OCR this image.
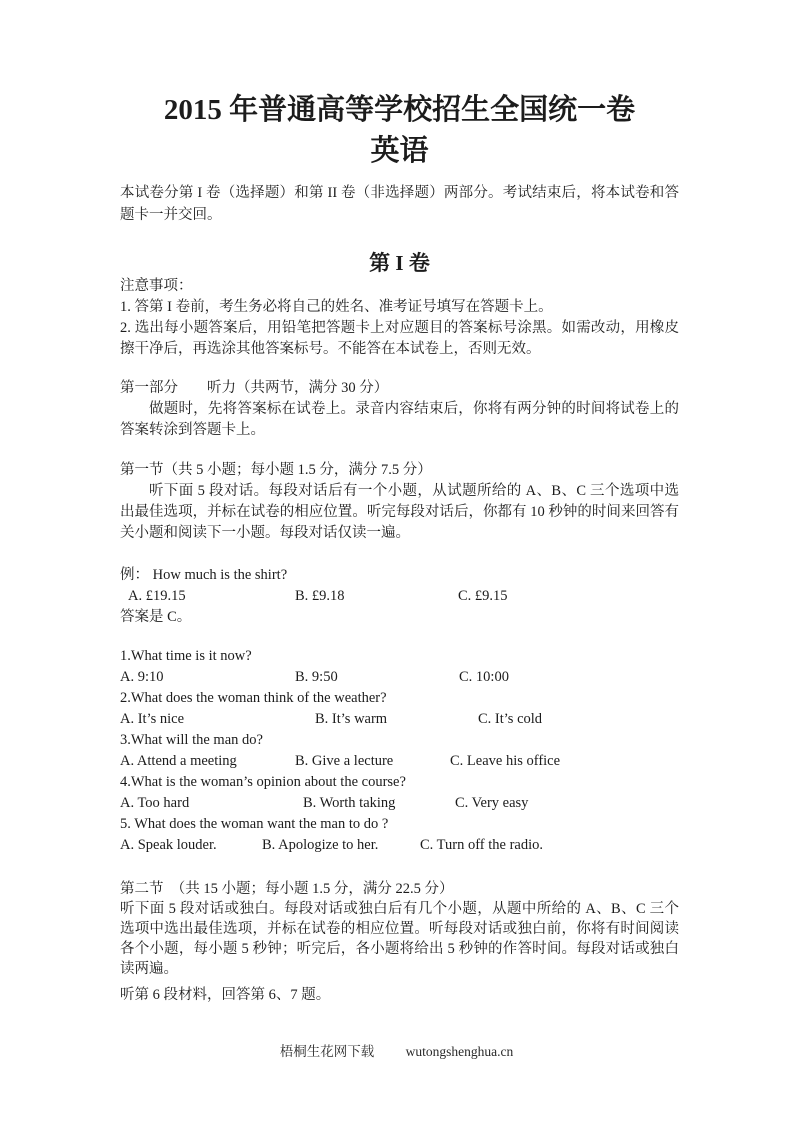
2015 年普通高等学校招生全国统一卷
英语

本试卷分第 I 卷（选择题）和第 II 卷（非选择题）两部分。考试结束后，将本试卷和答题卡一并交回。

第 I 卷

注意事项：

1. 答第 I 卷前，考生务必将自己的姓名、准考证号填写在答题卡上。

2. 选出每小题答案后，用铅笔把答题卡上对应题目的答案标号涂黑。如需改动，用橡皮擦干净后，再选涂其他答案标号。不能答在本试卷上，否则无效。

第一部分　　听力（共两节，满分 30 分）

做题时，先将答案标在试卷上。录音内容结束后，你将有两分钟的时间将试卷上的答案转涂到答题卡上。

第一节（共 5 小题；每小题 1.5 分，满分 7.5 分）

听下面 5 段对话。每段对话后有一个小题，从试题所给的 A、B、C 三个选项中选出最佳选项，并标在试卷的相应位置。听完每段对话后，你都有 10 秒钟的时间来回答有关小题和阅读下一小题。每段对话仅读一遍。

例： How much is the shirt?

A. £19.15	B. £9.18	C. £9.15

答案是 C。

1.What time is it now?

A. 9:10	B. 9:50	C. 10:00

2.What does the woman think of the weather?

A. It’s nice	B. It’s warm	C. It’s cold

3.What will the man do?

A. Attend a meeting	B. Give a lecture	C. Leave his office

4.What is the woman’s opinion about the course?

A. Too hard	B. Worth taking	C. Very easy

5. What does the woman want the man to do ?

A. Speak louder.	B. Apologize to her.	C. Turn off the radio.

第二节　（共 15 小题；每小题 1.5 分，满分 22.5 分）

听下面 5 段对话或独白。每段对话或独白后有几个小题，从题中所给的 A、B、C 三个选项中选出最佳选项，并标在试卷的相应位置。听每段对话或独白前，你将有时间阅读各个小题，每小题 5 秒钟；听完后，各小题将给出 5 秒钟的作答时间。每段对话或独白读两遍。

听第 6 段材料，回答第 6、7 题。

梧桐生花网下载 wutongshenghua.cn
